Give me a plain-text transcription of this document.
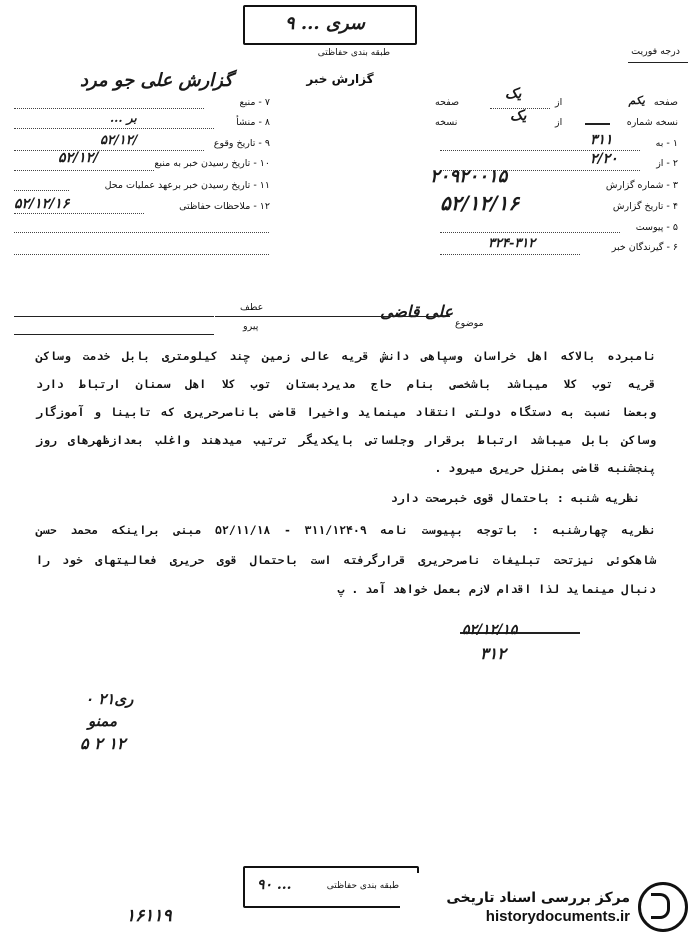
سری ... ۹
طبقه بندی حفاظتی	درجه فوریت
گزارش خبر
صفحه
یکم
از
یک
صفحه
نسخه شماره
از
یک
نسخه
۱ - به
۳۱۱
۲ - از
۲/۲۰
۳ - شماره گزارش
۲۰۹۲۰۰۱۵
۴ - تاریخ گزارش
۵۲/۱۲/۱۶
۵ - پیوست
۶ - گیرندگان خبر
۳۲۴-۳۱۲
۷ - منبع
گزارش علی جو مرد
۸ - منشأ
بر ...
۹ - تاریخ وقوع
۵۲/۱۲/
۱۰ - تاریخ رسیدن خبر به منبع
۵۲/۱۲/
۱۱ - تاریخ رسیدن خبر برعهد عملیات محل
۱۲ - ملاحظات حفاظتی
۵۲/۱۲/۱۶
موضوع
علی قاضی
عطف
پیرو
نامبرده بالاکه اهل خراسان وسپاهی دانش قریه عالی زمین چند کیلومتری بابل خدمت وساکن
قریه توب کلا میباشد باشخصی بنام حاج مدیردبستان توب کلا اهل سمنان ارتباط دارد
وبعضا نسبت به دستگاه دولتی انتقاد مینماید واخیرا قاضی باناصرحریری که تابینا و آموزگار
وساکن بابل میباشد ارتباط برقرار وجلساتی بایکدیگر ترتیب میدهند واغلب بعدازظهرهای روز
پنجشنبه قاضی بمنزل حریری میرود .
نظریه شنبه : باحتمال قوی خبرصحت دارد
نظریه چهارشنبه : باتوجه بپیوست نامه ۳۱۱/۱۲۴۰۹ - ۵۲/۱۱/۱۸ مبنی براینکه محمد حسن
شاهکوئی نیزتحت تبلیغات ناصرحریری قرارگرفته است باحتمال قوی حریری فعالیتهای خود را
دنبال مینماید لذا اقدام لازم بعمل خواهد آمد . پ
۵۲/۱۲/۱۵
۳۱۲
۰ ۲۱ری
ممنو
۵ ۲ ۱۲
طبقه بندی حفاظتی
۹۰ ...
۱۶۱۱۹
مرکز بررسی اسناد تاریخی
historydocuments.ir
